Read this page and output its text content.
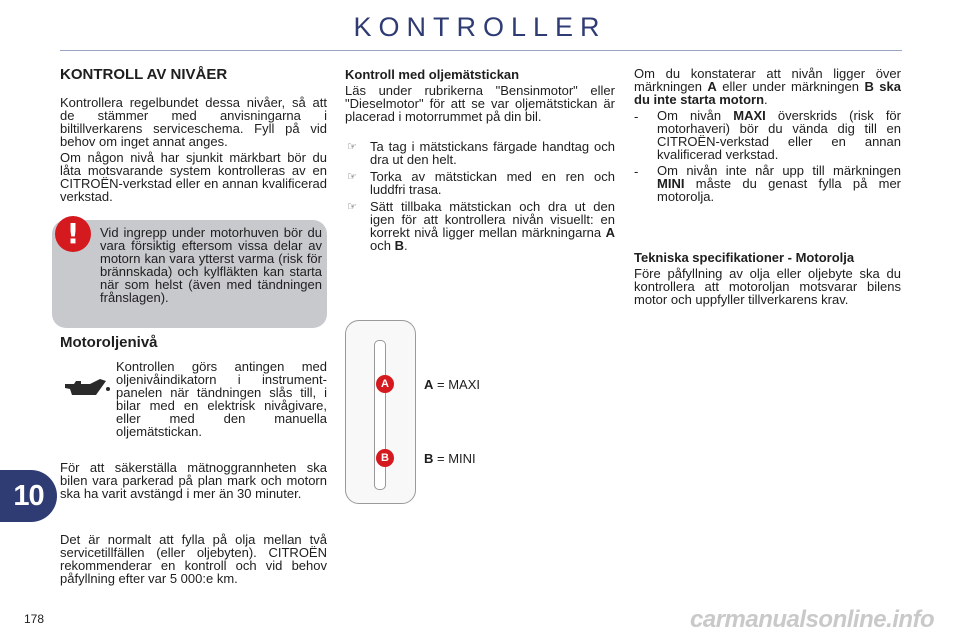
KONTROLLER
KONTROLL AV NIVÅER
Kontrollera regelbundet dessa nivåer, så att de stämmer med anvisningarna i biltillverkarens serviceschema. Fyll på vid behov om inget annat anges.
Om någon nivå har sjunkit märkbart bör du låta motsvarande system kontrolleras av en CITROËN-verkstad eller en annan kvalificerad verkstad.
!	Vid ingrepp under motorhuven bör du vara försiktig eftersom vissa delar av motorn kan vara ytterst varma (risk för brännskada) och kylfläkten kan starta när som helst (även med tändningen frånslagen).
Motoroljenivå
Kontrollen görs antingen med oljenivåindikatorn i instrumentpanelen när tändningen slås till, i bilar med en elektrisk nivågivare, eller med den manuella oljemätstickan.
För att säkerställa mätnoggrannheten ska bilen vara parkerad på plan mark och motorn ska ha varit avstängd i mer än 30 minuter.
Det är normalt att fylla på olja mellan två servicetillfällen (eller oljebyten). CITROËN rekommenderar en kontroll och vid behov påfyllning efter var 5 000:e km.
Kontroll med oljemätstickan
Läs under rubrikerna "Bensinmotor" eller "Dieselmotor" för att se var oljemätstickan är placerad i motorrummet på din bil.
☞ Ta tag i mätstickans färgade handtag och dra ut den helt.
☞ Torka av mätstickan med en ren och luddfri trasa.
☞ Sätt tillbaka mätstickan och dra ut den igen för att kontrollera nivån visuellt: en korrekt nivå ligger mellan märkningarna A och B.
A
B
A = MAXI
B = MINI
Om du konstaterar att nivån ligger över märkningen A eller under märkningen B ska du inte starta motorn.
- Om nivån MAXI överskrids (risk för motorhaveri) bör du vända dig till en CITROËN-verkstad eller en annan kvalificerad verkstad.
- Om nivån inte når upp till märkningen MINI måste du genast fylla på mer motorolja.
Tekniska specifikationer - Motorolja
Före påfyllning av olja eller oljebyte ska du kontrollera att motoroljan motsvarar bilens motor och uppfyller tillverkarens krav.
10
178	carmanualsonline.info
